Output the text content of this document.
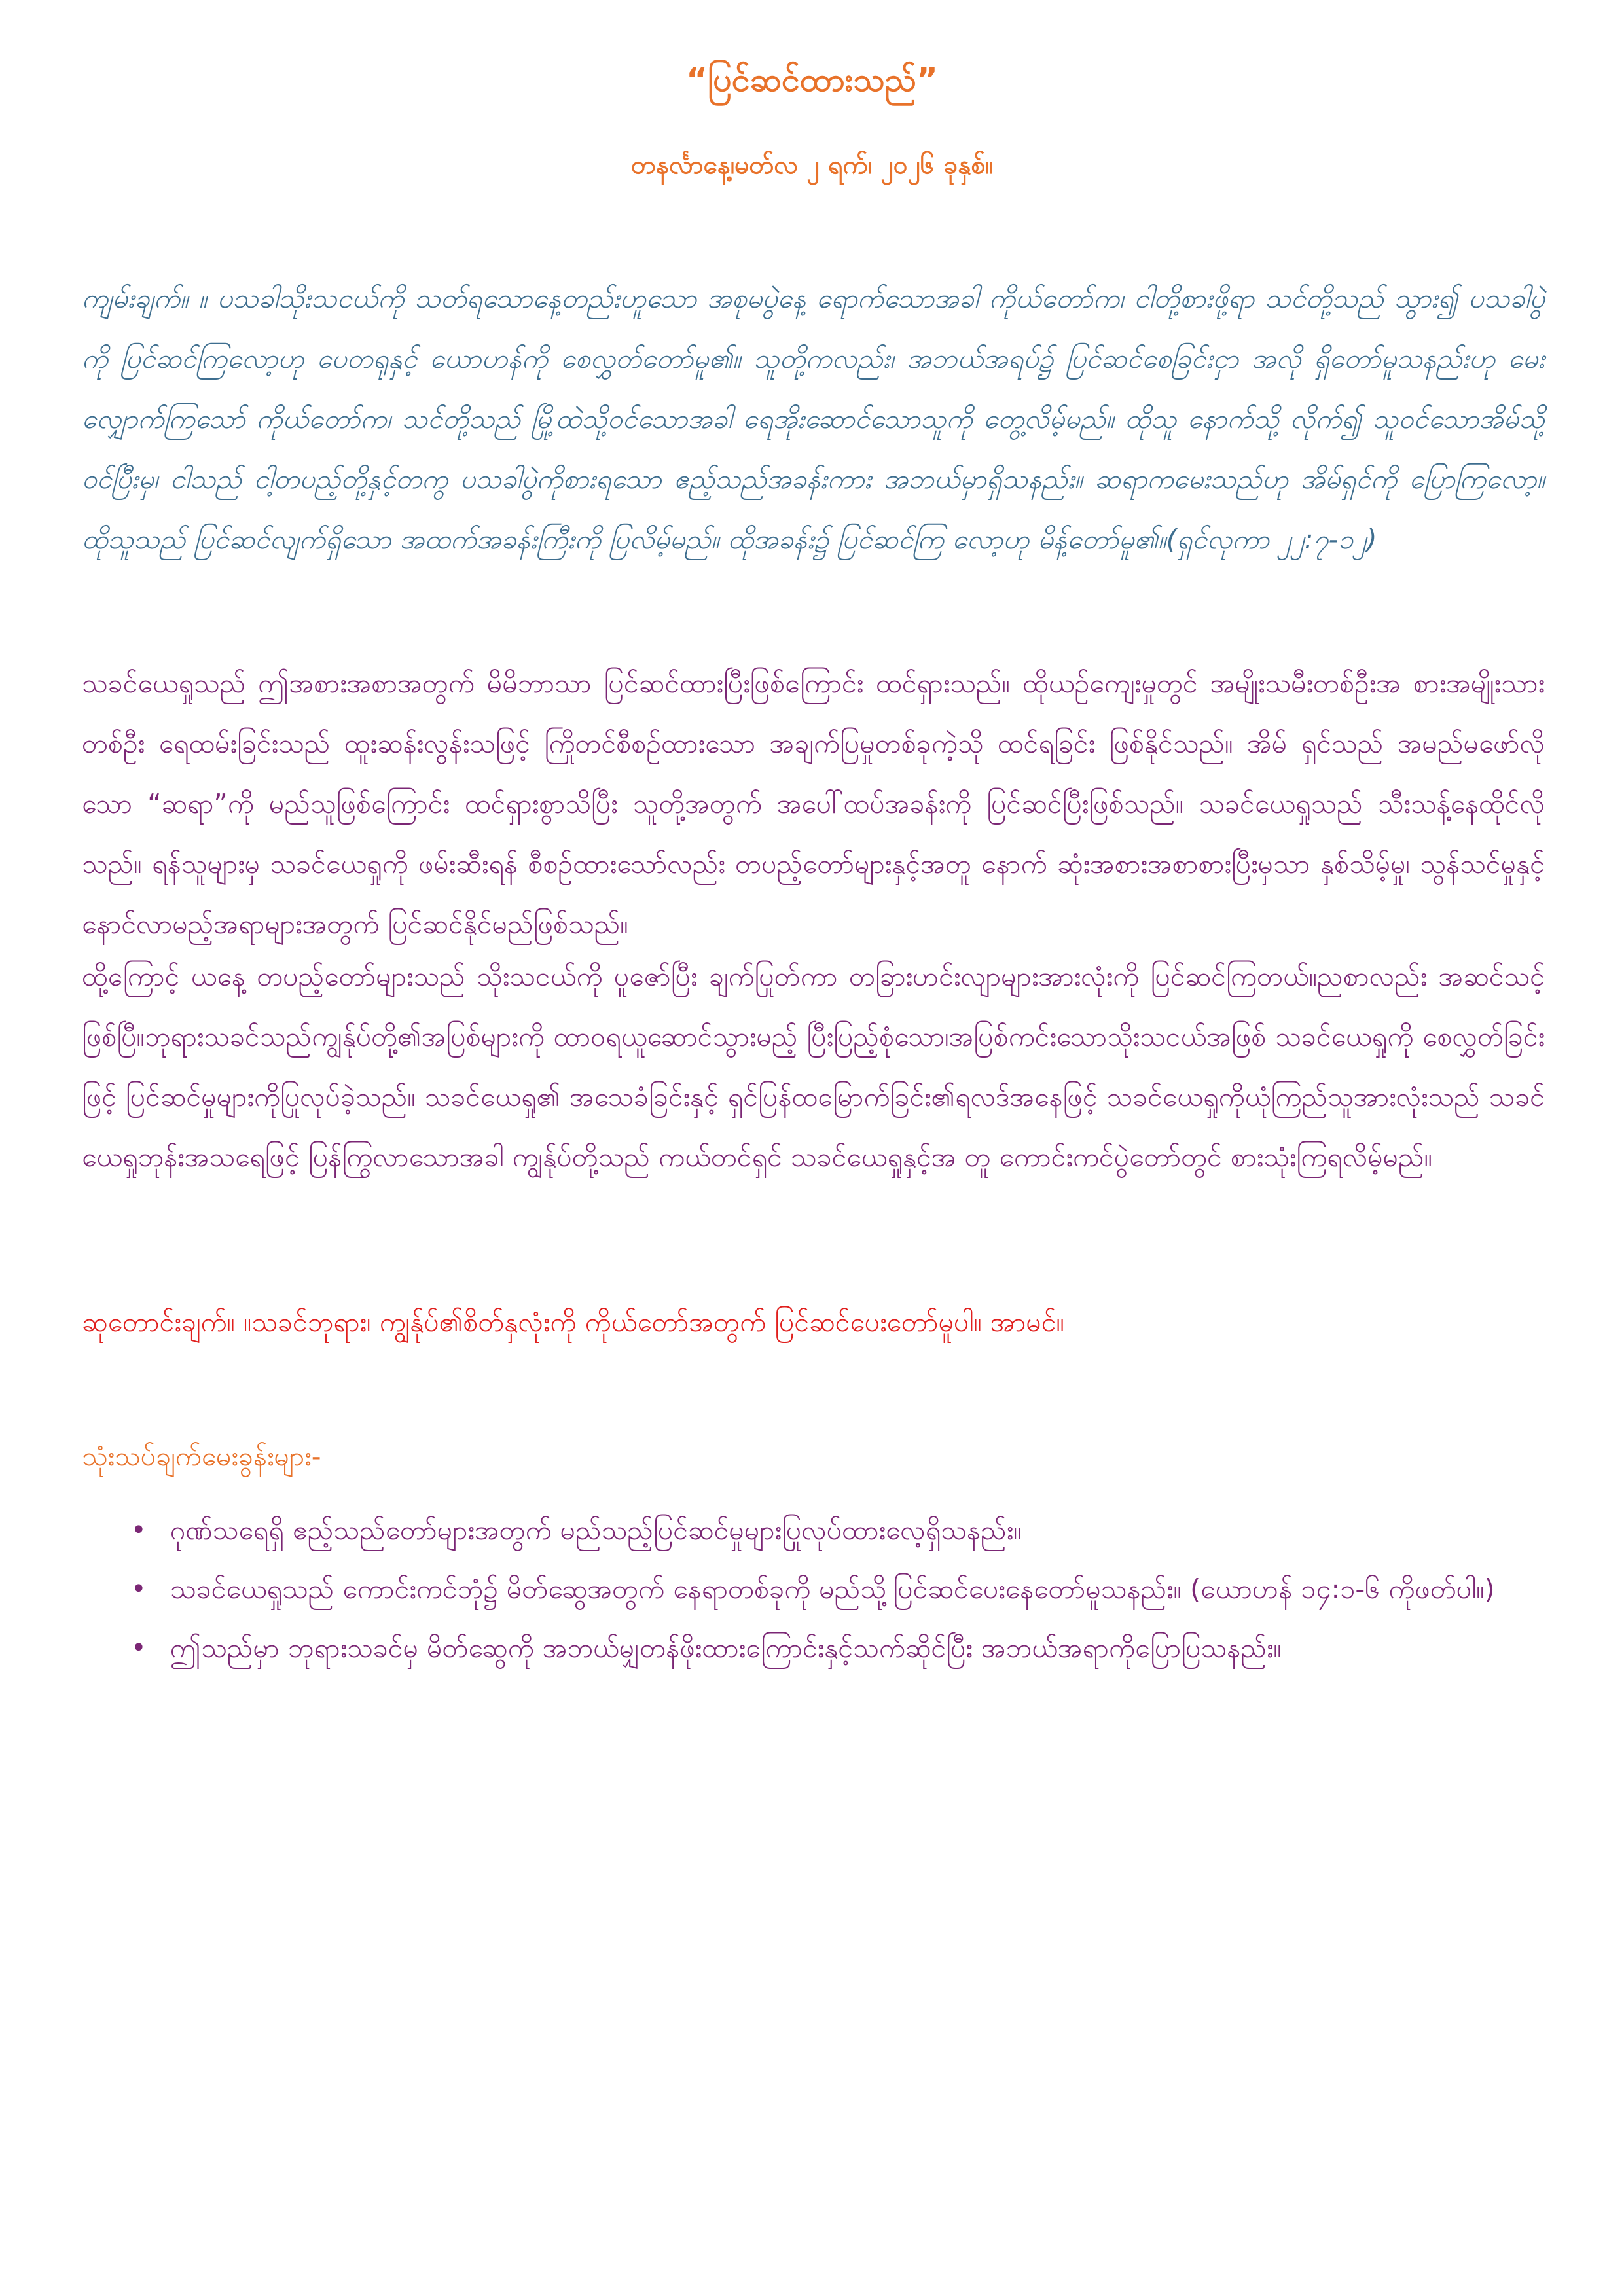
“ပြင်ဆင်ထားသည်”
တနင်္လာနေ့၊မတ်လ ၂ ရက်၊ ၂၀၂၆ ခုနှစ်။

ကျမ်းချက်။ ။ ပသခါသိုးသငယ်ကို သတ်ရသောနေ့တည်းဟူသော အစုမပွဲနေ့ ရောက်သောအခါ ကိုယ်တော်က၊ ငါတို့စားဖို့ရာ သင်တို့သည် သွား၍ ပသခါပွဲကို ပြင်ဆင်ကြလော့ဟု ပေတရုနှင့် ယောဟန်ကို စေလွှတ်တော်မူ၏။ သူတို့ကလည်း၊ အဘယ်အရပ်၌ ပြင်ဆင်စေခြင်းငှာ အလို ရှိတော်မူသနည်းဟု မေးလျှောက်ကြသော် ကိုယ်တော်က၊ သင်တို့သည် မြို့ထဲသို့ဝင်သောအခါ ရေအိုးဆောင်သောသူကို တွေ့လိမ့်မည်။ ထိုသူ နောက်သို့ လိုက်၍ သူဝင်သောအိမ်သို့ဝင်ပြီးမှ၊ ငါသည် ငါ့တပည့်တို့နှင့်တကွ ပသခါပွဲကိုစားရသော ဧည့်သည်အခန်းကား အဘယ်မှာရှိသနည်း။ ဆရာကမေးသည်ဟု အိမ်ရှင်ကို ပြောကြလော့။ ထိုသူသည် ပြင်ဆင်လျက်ရှိသော အထက်အခန်းကြီးကို ပြလိမ့်မည်။ ထိုအခန်း၌ ပြင်ဆင်ကြ လော့ဟု မိန့်တော်မူ၏။(ရှင်လုကာ ၂၂:၇-၁၂)

သခင်ယေရှုသည် ဤအစားအစာအတွက် မိမိဘာသာ ပြင်ဆင်ထားပြီးဖြစ်ကြောင်း ထင်ရှားသည်။ ထိုယဉ်ကျေးမှုတွင် အမျိုးသမီးတစ်ဦးအ စားအမျိုးသားတစ်ဦး ရေထမ်းခြင်းသည် ထူးဆန်းလွန်းသဖြင့် ကြိုတင်စီစဉ်ထားသော အချက်ပြမှုတစ်ခုကဲ့သို ထင်ရခြင်း ဖြစ်နိုင်သည်။ အိမ် ရှင်သည် အမည်မဖော်လိုသော “ဆရာ”ကို မည်သူဖြစ်ကြောင်း ထင်ရှားစွာသိပြီး သူတို့အတွက် အပေါ်ထပ်အခန်းကို ပြင်ဆင်ပြီးဖြစ်သည်။ သခင်ယေရှုသည် သီးသန့်နေထိုင်လိုသည်။ ရန်သူများမှ သခင်ယေရှုကို ဖမ်းဆီးရန် စီစဉ်ထားသော်လည်း တပည့်တော်များနှင့်အတူ နောက် ဆုံးအစားအစာစားပြီးမှသာ နှစ်သိမ့်မှု၊ သွန်သင်မှုနှင့် နောင်လာမည့်အရာများအတွက် ပြင်ဆင်နိုင်မည်ဖြစ်သည်။

ထို့ကြောင့် ယနေ့ တပည့်တော်များသည် သိုးသငယ်ကို ပူဇော်ပြီး ချက်ပြုတ်ကာ တခြားဟင်းလျာများအားလုံးကို ပြင်ဆင်ကြတယ်။ညစာလည်း အဆင်သင့်ဖြစ်ပြီ။ဘုရားသခင်သည်ကျွန်ုပ်တို့၏အပြစ်များကို ထာဝရယူဆောင်သွားမည့် ပြီးပြည့်စုံသော၊အပြစ်ကင်းသောသိုးသငယ်အဖြစ် သခင်ယေရှုကို စေလွှတ်ခြင်းဖြင့် ပြင်ဆင်မှုများကိုပြုလုပ်ခဲ့သည်။ သခင်ယေရှု၏ အသေခံခြင်းနှင့် ရှင်ပြန်ထမြောက်ခြင်း၏ရလဒ်အနေဖြင့် သခင်ယေရှုကိုယုံကြည်သူအားလုံးသည် သခင်ယေရှုဘုန်းအသရေဖြင့် ပြန်ကြွလာသောအခါ ကျွန်ုပ်တို့သည် ကယ်တင်ရှင် သခင်ယေရှုနှင့်အ တူ ကောင်းကင်ပွဲတော်တွင် စားသုံးကြရလိမ့်မည်။

ဆုတောင်းချက်။ ။သခင်ဘုရား၊ ကျွန်ုပ်၏စိတ်နှလုံးကို ကိုယ်တော်အတွက် ပြင်ဆင်ပေးတော်မူပါ။ အာမင်။

သုံးသပ်ချက်မေးခွန်းများ-

• ဂုဏ်သရေရှိ ဧည့်သည်တော်များအတွက် မည်သည့်ပြင်ဆင်မှုများပြုလုပ်ထားလေ့ရှိသနည်း။
• သခင်ယေရှုသည် ကောင်းကင်ဘုံ၌ မိတ်ဆွေအတွက် နေရာတစ်ခုကို မည်သို့ပြင်ဆင်ပေးနေတော်မူသနည်း။ (ယောဟန် ၁၄:၁-၆ ကိုဖတ်ပါ။)
• ဤသည်မှာ ဘုရားသခင်မှ မိတ်ဆွေကို အဘယ်မျှတန်ဖိုးထားကြောင်းနှင့်သက်ဆိုင်ပြီး အဘယ်အရာကိုပြောပြသနည်း။
